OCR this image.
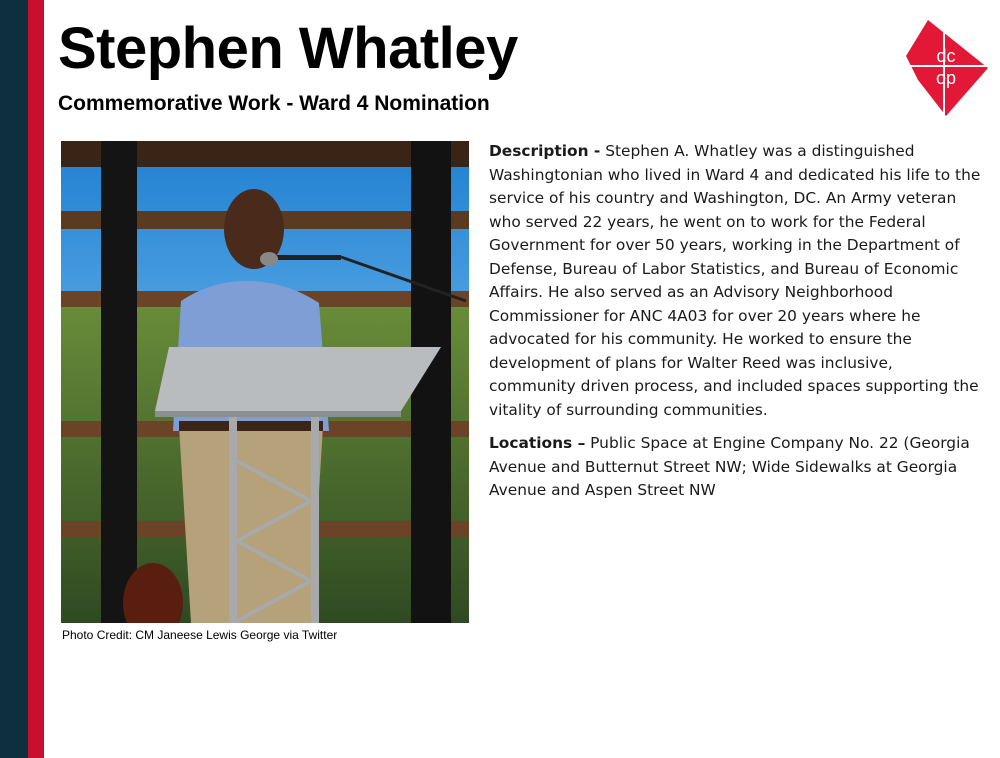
Stephen Whatley
Commemorative Work - Ward 4 Nomination
dc
op
Photo Credit: CM Janeese Lewis George via Twitter

Description - Stephen A. Whatley was a distinguished Washingtonian who lived in Ward 4 and dedicated his life to the service of his country and Washington, DC. An Army veteran who served 22 years, he went on to work for the Federal Government for over 50 years, working in the Department of Defense, Bureau of Labor Statistics, and Bureau of Economic Affairs. He also served as an Advisory Neighborhood Commissioner for ANC 4A03 for over 20 years where he advocated for his community. He worked to ensure the development of plans for Walter Reed was inclusive, community driven process, and included spaces supporting the vitality of surrounding communities.

Locations – Public Space at Engine Company No. 22 (Georgia Avenue and Butternut Street NW; Wide Sidewalks at Georgia Avenue and Aspen Street NW
